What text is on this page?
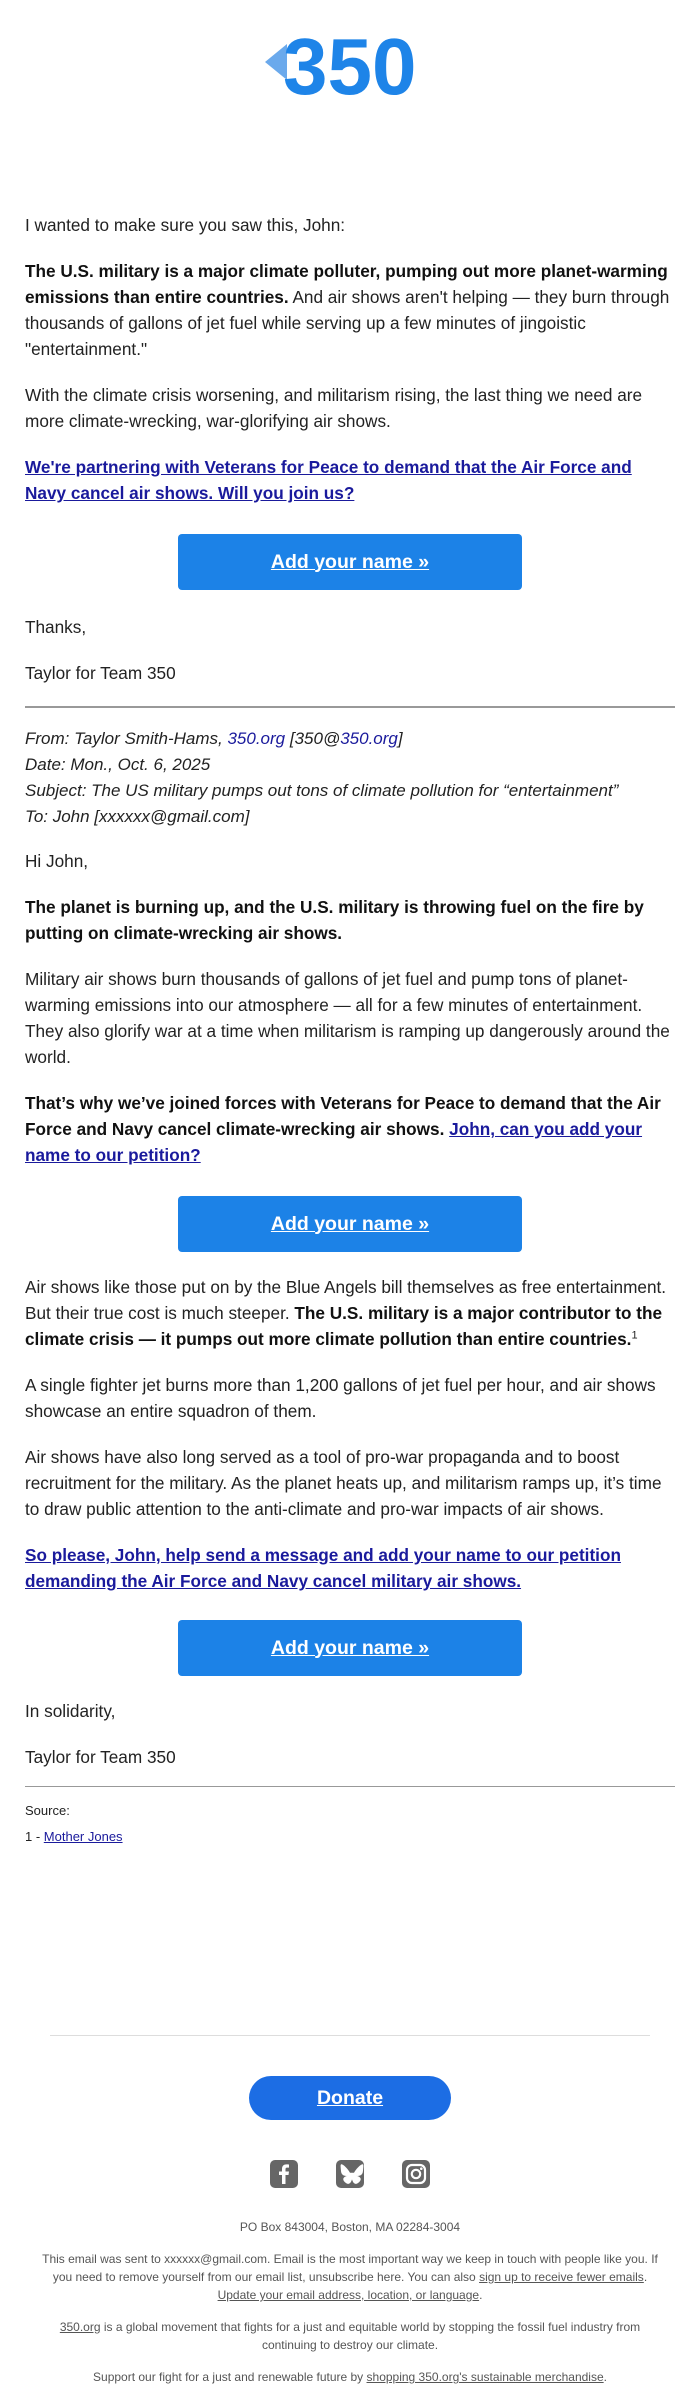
350

I wanted to make sure you saw this, John:

The U.S. military is a major climate polluter, pumping out more planet-warming emissions than entire countries. And air shows aren't helping — they burn through thousands of gallons of jet fuel while serving up a few minutes of jingoistic "entertainment."

With the climate crisis worsening, and militarism rising, the last thing we need are more climate-wrecking, war-glorifying air shows.

We're partnering with Veterans for Peace to demand that the Air Force and Navy cancel air shows. Will you join us?

Add your name »

Thanks,

Taylor for Team 350

From: Taylor Smith-Hams, 350.org [350@350.org]

Date: Mon., Oct. 6, 2025

Subject: The US military pumps out tons of climate pollution for “entertainment”

To: John [xxxxxx@gmail.com]

Hi John,

The planet is burning up, and the U.S. military is throwing fuel on the fire by putting on climate-wrecking air shows.

Military air shows burn thousands of gallons of jet fuel and pump tons of planet-warming emissions into our atmosphere — all for a few minutes of entertainment. They also glorify war at a time when militarism is ramping up dangerously around the world.

That’s why we’ve joined forces with Veterans for Peace to demand that the Air Force and Navy cancel climate-wrecking air shows. John, can you add your name to our petition?

Add your name »

Air shows like those put on by the Blue Angels bill themselves as free entertainment. But their true cost is much steeper. The U.S. military is a major contributor to the climate crisis — it pumps out more climate pollution than entire countries.$^1$

A single fighter jet burns more than 1,200 gallons of jet fuel per hour, and air shows showcase an entire squadron of them.

Air shows have also long served as a tool of pro-war propaganda and to boost recruitment for the military. As the planet heats up, and militarism ramps up, it’s time to draw public attention to the anti-climate and pro-war impacts of air shows.

So please, John, help send a message and add your name to our petition demanding the Air Force and Navy cancel military air shows.

Add your name »

In solidarity,

Taylor for Team 350

Source:

1 - Mother Jones

Donate

PO Box 843004, Boston, MA 02284-3004

This email was sent to xxxxxx@gmail.com. Email is the most important way we keep in touch with people like you. If you need to remove yourself from our email list, unsubscribe here. You can also sign up to receive fewer emails. Update your email address, location, or language.

350.org is a global movement that fights for a just and equitable world by stopping the fossil fuel industry from continuing to destroy our climate.

Support our fight for a just and renewable future by shopping 350.org's sustainable merchandise.
